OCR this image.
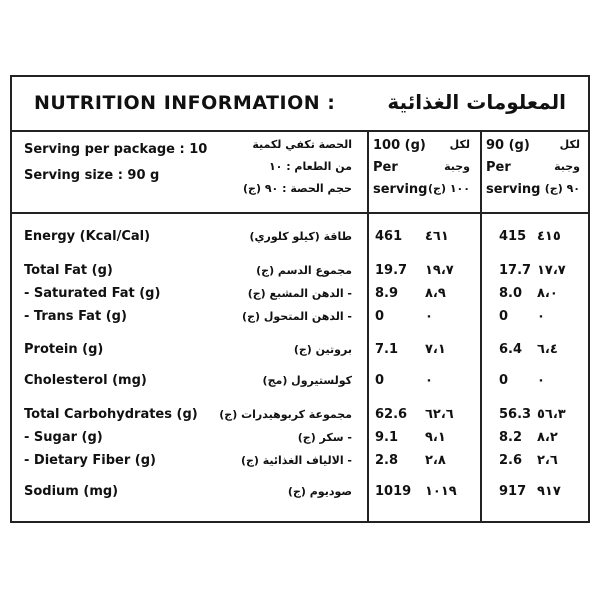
NUTRITION INFORMATION :	المعلومات الغذائية
Serving per package : 10
Serving size : 90 g
الحصة تكفي لكمية
من الطعام : ١٠
حجم الحصة : ٩٠ (ج)
100 (g)
Per
serving
لكل
وجبة
١٠٠ (ج)
90 (g)
Per
serving
لكل
وجبة
٩٠ (ج)
Energy (Kcal/Cal)	طاقة (كيلو كلوري) 461 ٤٦١	415 ٤١٥
Total Fat (g)	مجموع الدسم (ج) 19.7 ١٩،٧	17.7 ١٧،٧
- Saturated Fat (g)	- الدهن المشبع (ج) 8.9 ٨،٩	8.0 ٨،٠
- Trans Fat (g)	- الدهن المتحول (ج) 0	٠	0 ٠
Protein (g)	بروتين (ج) 7.1 ٧،١	6.4 ٦،٤
Cholesterol (mg)	كولستيرول (مج) 0	٠	0 ٠
Total Carbohydrates (g) مجموعة كربوهيدرات (ج) 62.6 ٦٢،٦	56.3 ٥٦،٣
- Sugar (g)	- سكر (ج) 9.1 ٩،١	8.2 ٨،٢
- Dietary Fiber (g)	- الالياف الغذائية (ج) 2.8 ٢،٨	2.6 ٢،٦
Sodium (mg)	صوديوم (ج) 1019 ١٠١٩	917 ٩١٧
